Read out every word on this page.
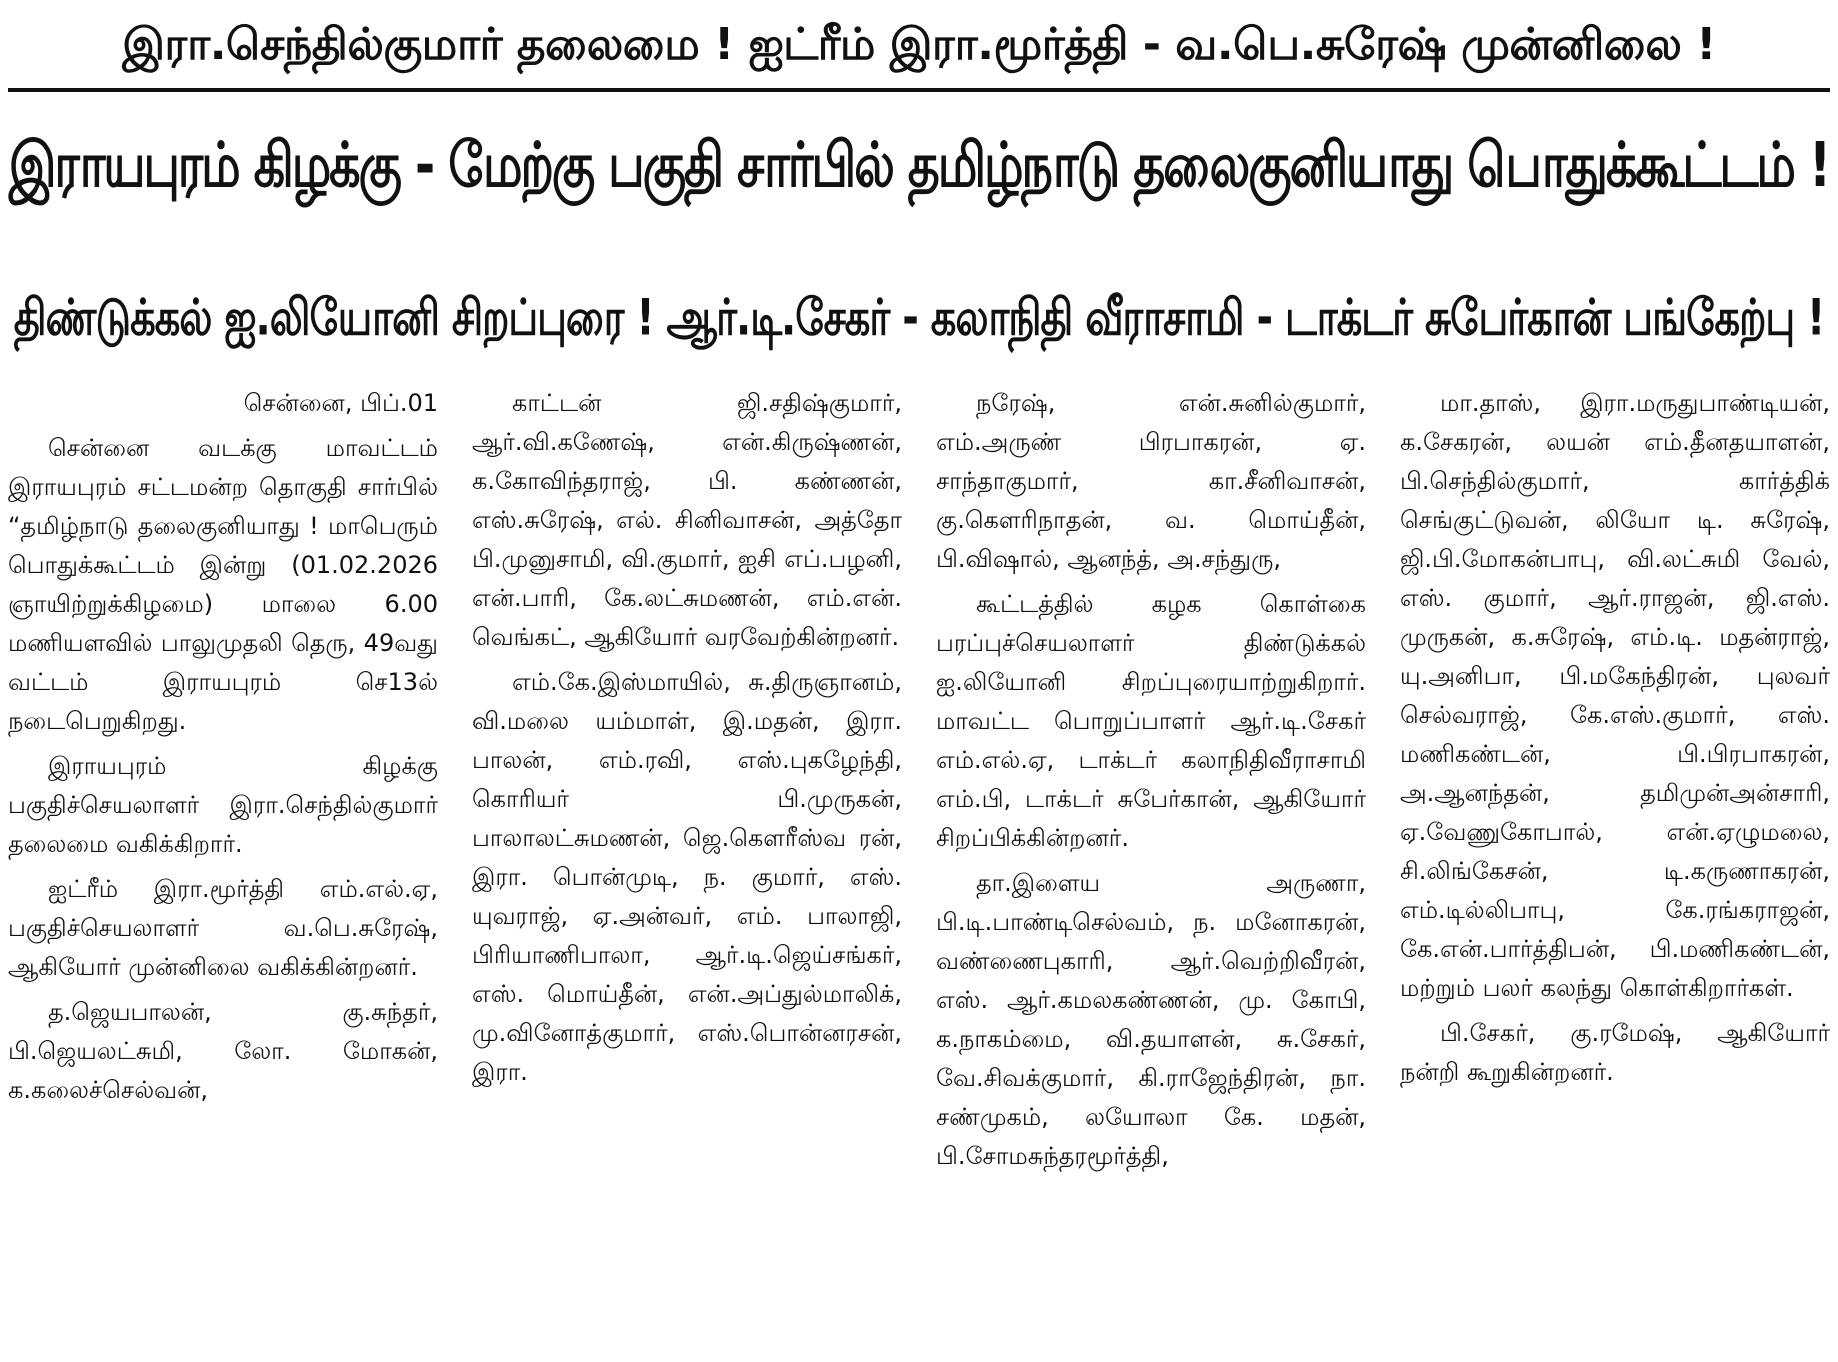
இரா.செந்தில்குமார் தலைமை ! ஐட்ரீம் இரா.மூர்த்தி - வ.பெ.சுரேஷ் முன்னிலை !
இராயபுரம் கிழக்கு - மேற்கு பகுதி சார்பில் தமிழ்நாடு தலைகுனியாது பொதுக்கூட்டம் !
திண்டுக்கல் ஐ.லியோனி சிறப்புரை ! ஆர்.டி.சேகர் - கலாநிதி வீராசாமி - டாக்டர் சுபேர்கான் பங்கேற்பு !

சென்னை, பிப்.01

சென்னை வடக்கு மாவட்டம் இராயபுரம் சட்டமன்ற தொகுதி சார்பில் “தமிழ்நாடு தலைகுனியாது ! மாபெரும் பொதுக்கூட்டம் இன்று (01.02.2026 ஞாயிற்றுக்கிழமை) மாலை 6.00 மணியளவில் பாலுமுதலி தெரு, 49வது வட்டம் இராயபுரம் செ13ல் நடைபெறுகிறது.

இராயபுரம் கிழக்கு பகுதிச்செயலாளர் இரா.செந்தில்குமார் தலைமை வகிக்கிறார்.

ஐட்ரீம் இரா.மூர்த்தி எம்.எல்.ஏ, பகுதிச்செயலாளர் வ.பெ.சுரேஷ், ஆகியோர் முன்னிலை வகிக்கின்றனர்.

த.ஜெயபாலன், கு.சுந்தர், பி.ஜெயலட்சுமி, லோ. மோகன், க.கலைச்செல்வன்,

காட்டன் ஜி.சதிஷ்குமார், ஆர்.வி.கணேஷ், என்.கிருஷ்ணன், க.கோவிந்தராஜ், பி. கண்ணன், எஸ்.சுரேஷ், எல். சினிவாசன், அத்தோ பி.முனுசாமி, வி.குமார், ஐசி எப்.பழனி, என்.பாரி, கே.லட்சுமணன், எம்.என். வெங்கட், ஆகியோர் வரவேற்கின்றனர்.

எம்.கே.இஸ்மாயில், சு.திருஞானம், வி.மலை யம்மாள், இ.மதன், இரா. பாலன், எம்.ரவி, எஸ்.புகழேந்தி, கொரியர் பி.முருகன், பாலாலட்சுமணன், ஜெ.கௌரீஸ்வ ரன், இரா. பொன்முடி, ந. குமார், எஸ். யுவராஜ், ஏ.அன்வர், எம். பாலாஜி, பிரியாணிபாலா, ஆர்.டி.ஜெய்சங்கர், எஸ். மொய்தீன், என்.அப்துல்மாலிக், மு.வினோத்குமார், எஸ்.பொன்னரசன், இரா.

நரேஷ், என்.சுனில்குமார், எம்.அருண் பிரபாகரன், ஏ. சாந்தாகுமார், கா.சீனிவாசன், கு.கௌரிநாதன், வ. மொய்தீன், பி.விஷால், ஆனந்த், அ.சந்துரு,

கூட்டத்தில் கழக கொள்கை பரப்புச்செயலாளர் திண்டுக்கல் ஐ.லியோனி சிறப்புரையாற்றுகிறார். மாவட்ட பொறுப்பாளர் ஆர்.டி.சேகர் எம்.எல்.ஏ, டாக்டர் கலாநிதிவீராசாமி எம்.பி, டாக்டர் சுபேர்கான், ஆகியோர் சிறப்பிக்கின்றனர்.

தா.இளைய அருணா, பி.டி.பாண்டிசெல்வம், ந. மனோகரன், வண்ணைபுகாரி, ஆர்.வெற்றிவீரன், எஸ். ஆர்.கமலகண்ணன், மு. கோபி, க.நாகம்மை, வி.தயாளன், சு.சேகர், வே.சிவக்குமார், கி.ராஜேந்திரன், நா. சண்முகம், லயோலா கே. மதன், பி.சோமசுந்தரமூர்த்தி,

மா.தாஸ், இரா.மருதுபாண்டியன், க.சேகரன், லயன் எம்.தீனதயாளன், பி.செந்தில்குமார், கார்த்திக் செங்குட்டுவன், லியோ டி. சுரேஷ், ஜி.பி.மோகன்பாபு, வி.லட்சுமி வேல், எஸ். குமார், ஆர்.ராஜன், ஜி.எஸ். முருகன், க.சுரேஷ், எம்.டி. மதன்ராஜ், யு.அனிபா, பி.மகேந்திரன், புலவர் செல்வராஜ், கே.எஸ்.குமார், எஸ். மணிகண்டன், பி.பிரபாகரன், அ.ஆனந்தன், தமிமுன்அன்சாரி, ஏ.வேணுகோபால், என்.ஏழுமலை, சி.லிங்கேசன், டி.கருணாகரன், எம்.டில்லிபாபு, கே.ரங்கராஜன், கே.என்.பார்த்திபன், பி.மணிகண்டன், மற்றும் பலர் கலந்து கொள்கிறார்கள்.

பி.சேகர், கு.ரமேஷ், ஆகியோர் நன்றி கூறுகின்றனர்.
